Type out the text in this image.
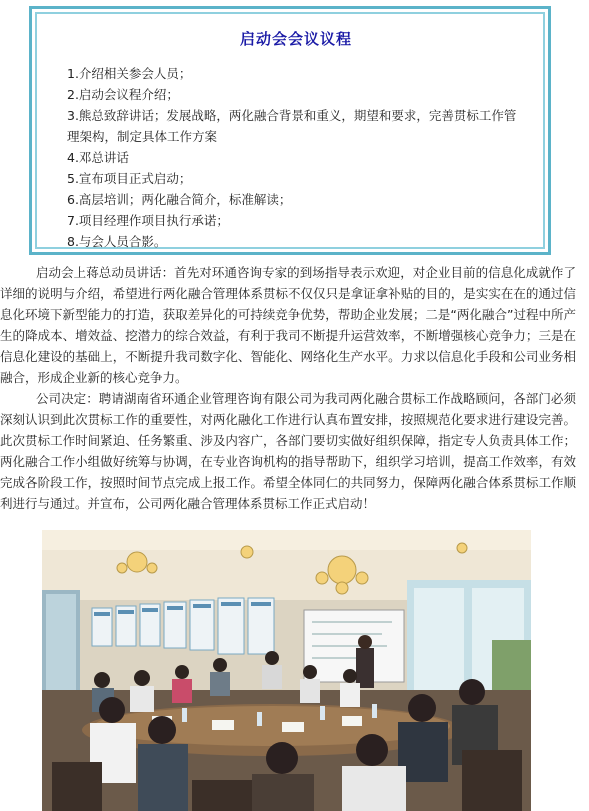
启动会会议议程
1.介绍相关参会人员；
2.启动会议程介绍；
3.熊总致辞讲话；发展战略，两化融合背景和重义，期望和要求，完善贯标工作管理架构，制定具体工作方案
4.邓总讲话
5.宣布项目正式启动；
6.高层培训；两化融合简介，标准解读；
7.项目经理作项目执行承诺；
8.与会人员合影。

启动会上蒋总动员讲话：首先对环通咨询专家的到场指导表示欢迎，对企业目前的信息化成就作了详细的说明与介绍，希望进行两化融合管理体系贯标不仅仅只是拿证拿补贴的目的，是实实在在的通过信息化环境下新型能力的打造，获取差异化的可持续竞争优势，帮助企业发展；二是“两化融合”过程中所产生的降成本、增效益、挖潜力的综合效益，有利于我司不断提升运营效率，不断增强核心竞争力；三是在信息化建设的基础上，不断提升我司数字化、智能化、网络化生产水平。力求以信息化手段和公司业务相融合，形成企业新的核心竞争力。

公司决定：聘请湖南省环通企业管理咨询有限公司为我司两化融合贯标工作战略顾问，各部门必须深刻认识到此次贯标工作的重要性，对两化融化工作进行认真布置安排，按照规范化要求进行建设完善。此次贯标工作时间紧迫、任务繁重、涉及内容广，各部门要切实做好组织保障，指定专人负责具体工作；两化融合工作小组做好统筹与协调，在专业咨询机构的指导帮助下，组织学习培训，提高工作效率，有效完成各阶段工作，按照时间节点完成上报工作。希望全体同仁的共同努力，保障两化融合体系贯标工作顺利进行与通过。并宣布，公司两化融合管理体系贯标工作正式启动！
